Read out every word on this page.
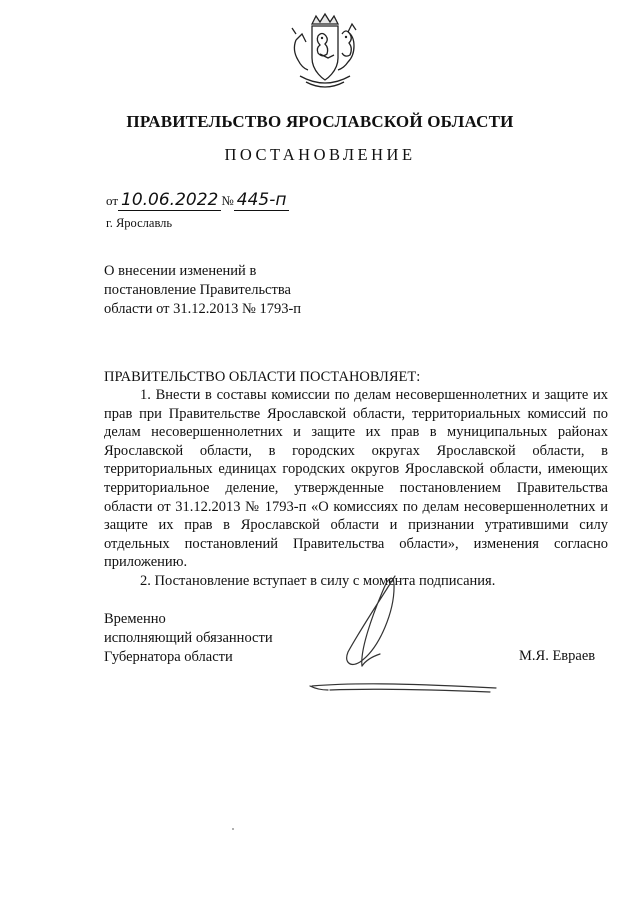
ПРАВИТЕЛЬСТВО ЯРОСЛАВСКОЙ ОБЛАСТИ
ПОСТАНОВЛЕНИЕ
от 10.06.2022 № 445-п
г. Ярославль
О внесении изменений в
постановление Правительства
области от 31.12.2013 № 1793-п
ПРАВИТЕЛЬСТВО ОБЛАСТИ ПОСТАНОВЛЯЕТ:

1. Внести в составы комиссии по делам несовершеннолетних и защите их прав при Правительстве Ярославской области, территориальных комиссий по делам несовершеннолетних и защите их прав в муниципальных районах Ярославской области, в городских округах Ярославской области, в территориальных единицах городских округов Ярославской области, имеющих территориальное деление, утвержденные постановлением Правительства области от 31.12.2013 № 1793-п «О комиссиях по делам несовершеннолетних и защите их прав в Ярославской области и признании утратившими силу отдельных постановлений Правительства области», изменения согласно приложению.

2. Постановление вступает в силу с момента подписания.

Временно
исполняющий обязанности
Губернатора области	М.Я. Евраев
